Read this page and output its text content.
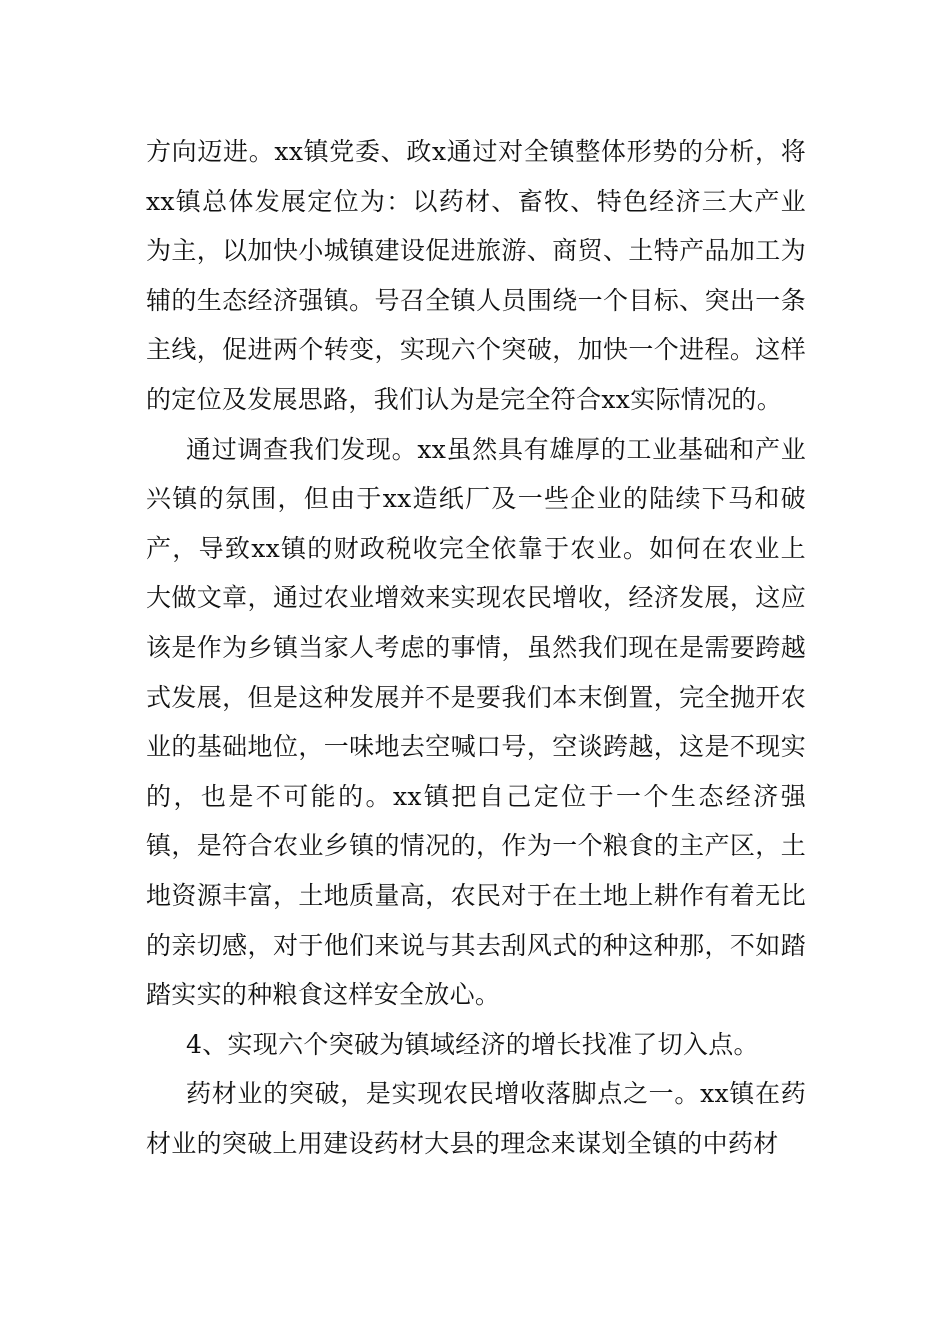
方向迈进。xx镇党委、政x通过对全镇整体形势的分析，将xx镇总体发展定位为：以药材、畜牧、特色经济三大产业为主，以加快小城镇建设促进旅游、商贸、土特产品加工为辅的生态经济强镇。号召全镇人员围绕一个目标、突出一条主线，促进两个转变，实现六个突破，加快一个进程。这样的定位及发展思路，我们认为是完全符合xx实际情况的。

通过调查我们发现。xx虽然具有雄厚的工业基础和产业兴镇的氛围，但由于xx造纸厂及一些企业的陆续下马和破产，导致xx镇的财政税收完全依靠于农业。如何在农业上大做文章，通过农业增效来实现农民增收，经济发展，这应该是作为乡镇当家人考虑的事情，虽然我们现在是需要跨越式发展，但是这种发展并不是要我们本末倒置，完全抛开农业的基础地位，一味地去空喊口号，空谈跨越，这是不现实的，也是不可能的。xx镇把自己定位于一个生态经济强镇，是符合农业乡镇的情况的，作为一个粮食的主产区，土地资源丰富，土地质量高，农民对于在土地上耕作有着无比的亲切感，对于他们来说与其去刮风式的种这种那，不如踏踏实实的种粮食这样安全放心。

4、实现六个突破为镇域经济的增长找准了切入点。

药材业的突破，是实现农民增收落脚点之一。xx镇在药材业的突破上用建设药材大县的理念来谋划全镇的中药材
